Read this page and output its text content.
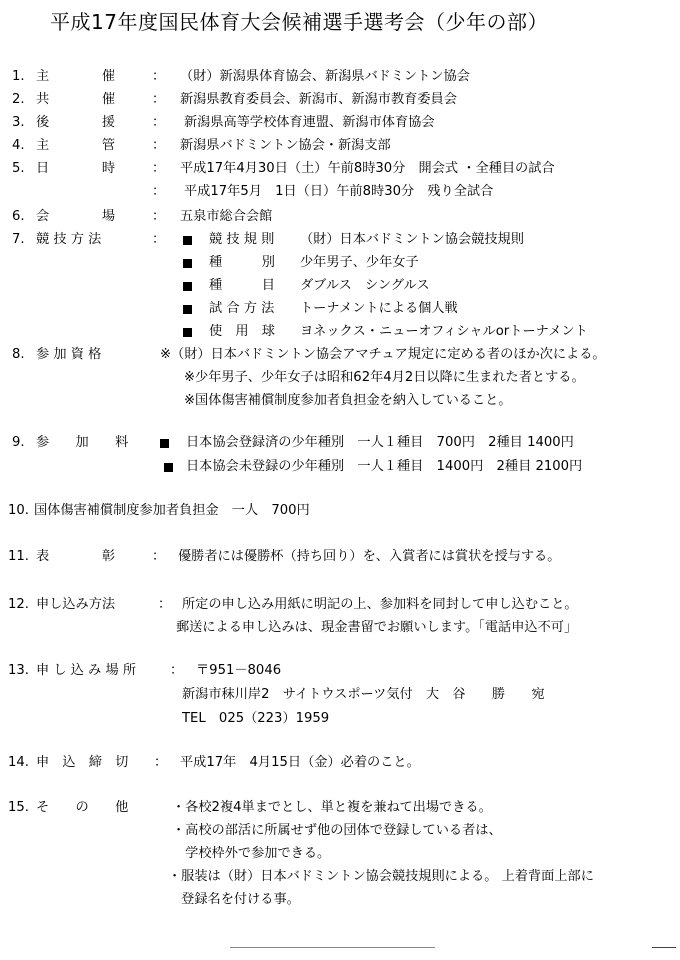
平成17年度国民体育大会候補選手選考会（少年の部）
1. 主　　　　催	： （財）新潟県体育協会、新潟県バドミントン協会
2. 共　　　　催	： 新潟県教育委員会、新潟市、新潟市教育委員会
3. 後　　　　援	： 新潟県高等学校体育連盟、新潟市体育協会
4. 主　　　　管	： 新潟県バドミントン協会・新潟支部
5. 日　　　　時	： 平成17年4月30日（土）午前8時30分　開会式 ・全種目の試合
： 平成17年5月　1日（日）午前8時30分　残り全試合
6. 会　　　　場	： 五泉市総合会館
7. 競 技 方 法	：	競 技 規 則 （財）日本バドミントン協会競技規則
種　　　別 少年男子、少年女子
種　　　目 ダブルス　シングルス
試 合 方 法 トーナメントによる個人戦
使　用　球 ヨネックス・ニューオフィシャルorトーナメント
8. 参 加 資 格	※（財）日本バドミントン協会アマチュア規定に定める者のほか次による。
※少年男子、少年女子は昭和62年4月2日以降に生まれた者とする。
※国体傷害補償制度参加者負担金を納入していること。
9. 参　　加　　料	日本協会登録済の少年種別　一人１種目　700円　2種目 1400円
日本協会未登録の少年種別　一人１種目　1400円　2種目 2100円
10. 国体傷害補償制度参加者負担金　一人　700円
11. 表　　　　彰	： 優勝者には優勝杯（持ち回り）を、入賞者には賞状を授与する。
12. 申し込み方法	： 所定の申し込み用紙に明記の上、参加料を同封して申し込むこと。
郵送による申し込みは、現金書留でお願いします。「電話申込不可」
13. 申 し 込 み 場 所	： 〒951－8046
新潟市秣川岸2　サイトウスポーツ気付　大　谷　　勝　　宛
TEL　025（223）1959
14. 申　込　締　切 ： 平成17年　4月15日（金）必着のこと。
15. そ　　の　　他	・各校2複4単までとし、単と複を兼ねて出場できる。
・高校の部活に所属せず他の団体で登録している者は、
　学校枠外で参加できる。
・服装は（財）日本バドミントン協会競技規則による。 上着背面上部に
　登録名を付ける事。
